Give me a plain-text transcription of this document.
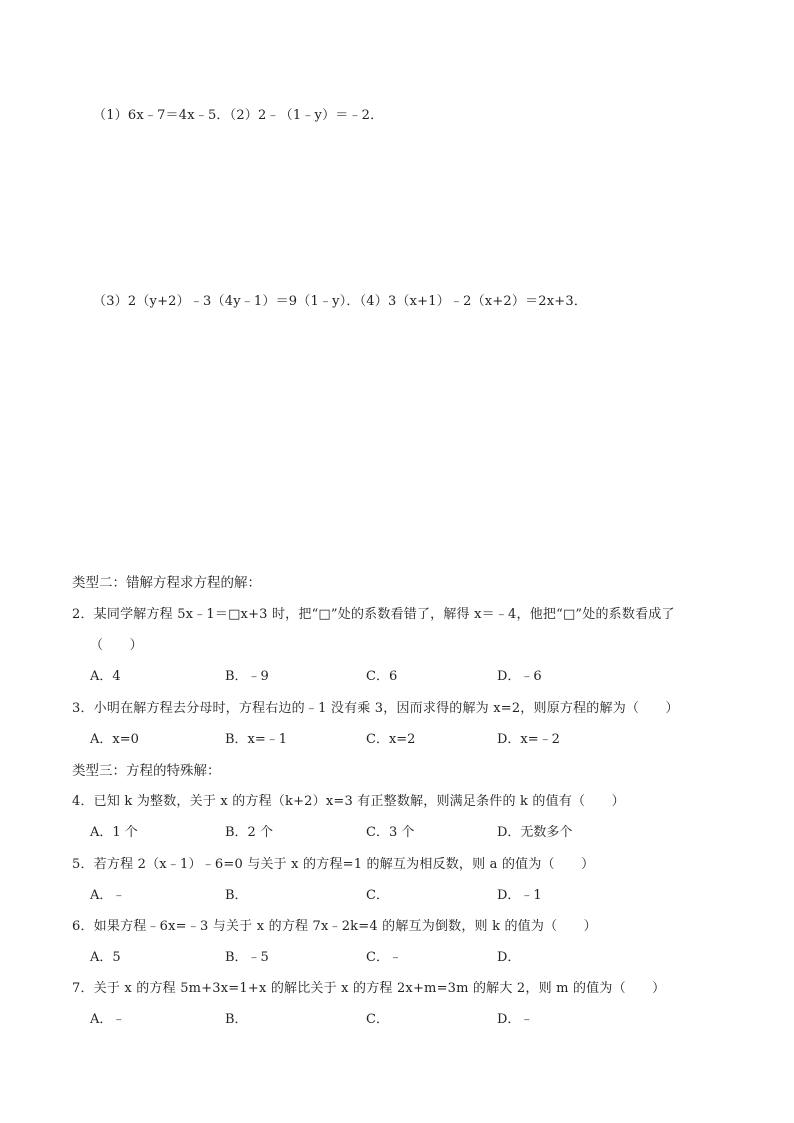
（1）6x﹣7＝4x﹣5．（2）2﹣（1﹣y）＝﹣2．
（3）2（y+2）﹣3（4y﹣1）＝9（1﹣y）．（4）3（x+1）﹣2（x+2）＝2x+3．
类型二：错解方程求方程的解：
2．某同学解方程 5x﹣1＝□x+3 时，把“□”处的系数看错了，解得 x＝﹣4，他把“□”处的系数看成了
（　　）
A．4	B．﹣9	C．6	D．﹣6
3．小明在解方程去分母时，方程右边的﹣1 没有乘 3，因而求得的解为 x=2，则原方程的解为（　　）
A．x=0	B．x=﹣1	C．x=2	D．x=﹣2
类型三：方程的特殊解：
4．已知 k 为整数，关于 x 的方程（k+2）x=3 有正整数解，则满足条件的 k 的值有（　　）
A．1 个	B．2 个	C．3 个	D．无数多个
5．若方程 2（x﹣1）﹣6=0 与关于 x 的方程=1 的解互为相反数，则 a 的值为（　　）
A．﹣	B．	C．	D．﹣1
6．如果方程﹣6x=﹣3 与关于 x 的方程 7x﹣2k=4 的解互为倒数，则 k 的值为（　　）
A．5	B．﹣5	C．﹣	D．
7．关于 x 的方程 5m+3x=1+x 的解比关于 x 的方程 2x+m=3m 的解大 2，则 m 的值为（　　）
A．﹣	B．	C．	D．﹣
